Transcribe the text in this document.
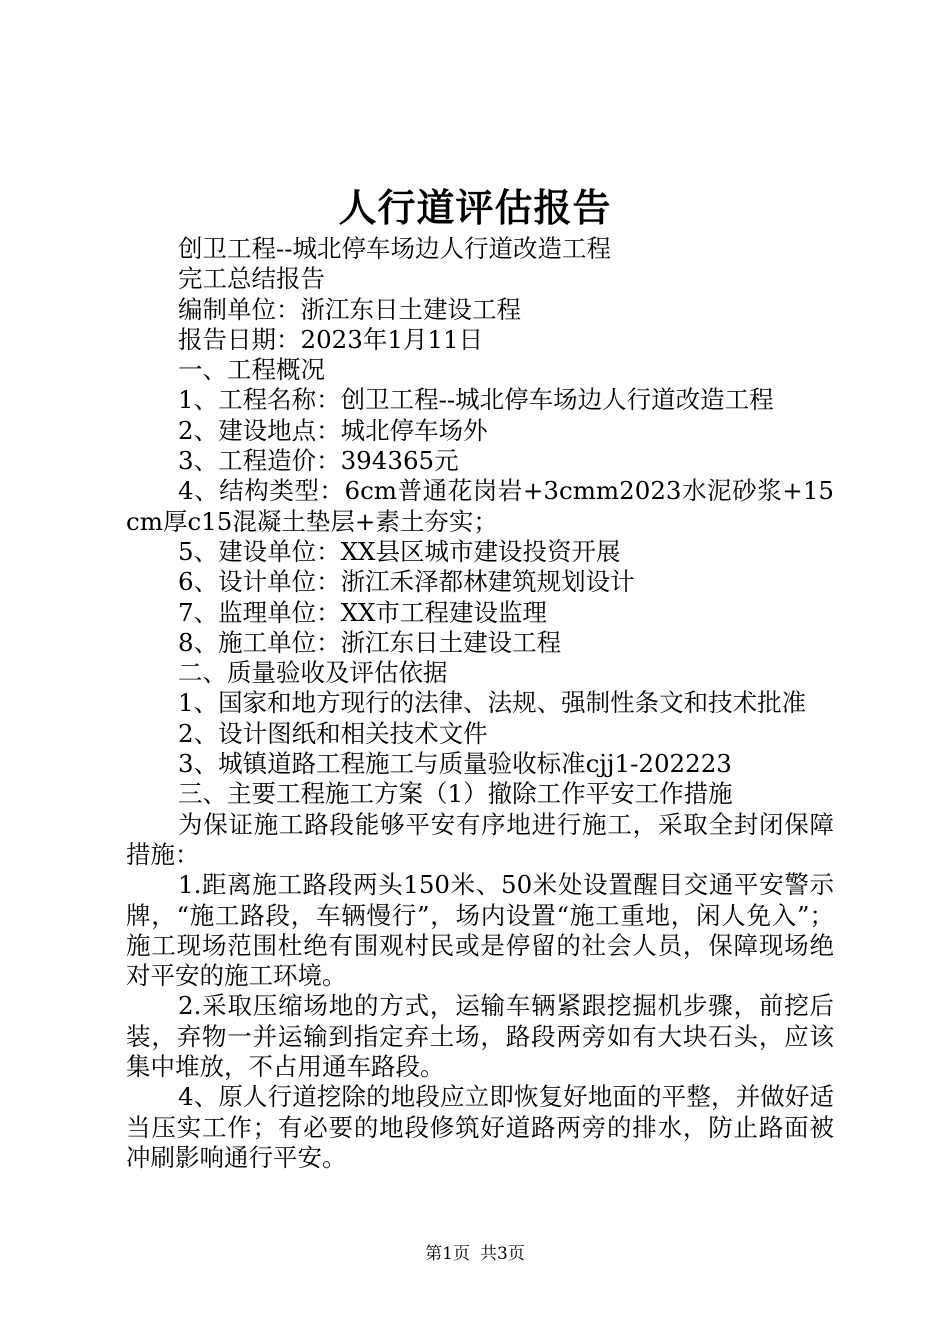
人行道评估报告

创卫工程--城北停车场边人行道改造工程

完工总结报告

编制单位：浙江东日土建设工程

报告日期：2023年1月11日

一、工程概况

1、工程名称：创卫工程--城北停车场边人行道改造工程

2、建设地点：城北停车场外

3、工程造价：394365元

4、结构类型：6cm普通花岗岩+3cmm2023水泥砂浆+15cm厚c15混凝土垫层+素土夯实；

5、建设单位：XX县区城市建设投资开展

6、设计单位：浙江禾泽都林建筑规划设计

7、监理单位：XX市工程建设监理

8、施工单位：浙江东日土建设工程

二、质量验收及评估依据

1、国家和地方现行的法律、法规、强制性条文和技术批准

2、设计图纸和相关技术文件

3、城镇道路工程施工与质量验收标准cjj1-202223

三、主要工程施工方案（1）撤除工作平安工作措施

为保证施工路段能够平安有序地进行施工，采取全封闭保障措施：

1.距离施工路段两头150米、50米处设置醒目交通平安警示牌，“施工路段，车辆慢行”，场内设置“施工重地，闲人免入”；施工现场范围杜绝有围观村民或是停留的社会人员，保障现场绝对平安的施工环境。

2.采取压缩场地的方式，运输车辆紧跟挖掘机步骤，前挖后装，弃物一并运输到指定弃土场，路段两旁如有大块石头，应该集中堆放，不占用通车路段。

4、原人行道挖除的地段应立即恢复好地面的平整，并做好适当压实工作；有必要的地段修筑好道路两旁的排水，防止路面被冲刷影响通行平安。

第1页 共3页
